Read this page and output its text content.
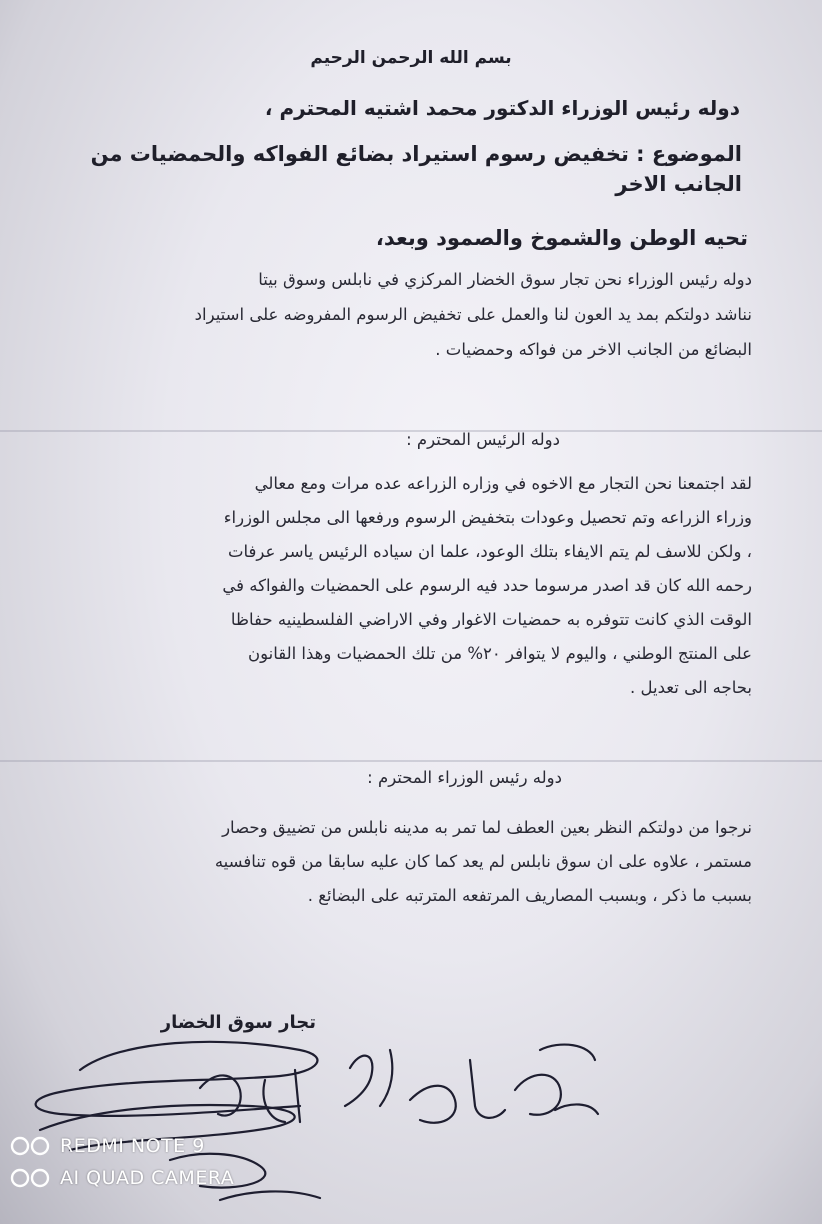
بسم الله الرحمن الرحيم
دوله رئيس الوزراء الدكتور محمد اشتيه المحترم ،
الموضوع : تخفيض رسوم استيراد بضائع الفواكه والحمضيات من
الجانب الاخر
تحيه الوطن والشموخ والصمود وبعد،
دوله رئيس الوزراء نحن تجار سوق الخضار المركزي في نابلس وسوق بيتا
نناشد دولتكم بمد يد العون لنا والعمل على تخفيض الرسوم المفروضه على استيراد
البضائع من الجانب الاخر من فواكه وحمضيات .
دوله الرئيس المحترم :
لقد اجتمعنا نحن التجار مع الاخوه في وزاره الزراعه عده مرات ومع معالي
وزراء الزراعه وتم تحصيل وعودات بتخفيض الرسوم ورفعها الى مجلس الوزراء
، ولكن للاسف لم يتم الايفاء بتلك الوعود، علما ان سياده الرئيس ياسر عرفات
رحمه الله كان قد اصدر مرسوما حدد فيه الرسوم على الحمضيات والفواكه في
الوقت الذي كانت تتوفره به حمضيات الاغوار وفي الاراضي الفلسطينيه حفاظا
على المنتج الوطني ، واليوم لا يتوافر ٢٠% من تلك الحمضيات وهذا القانون
بحاجه الى تعديل .
دوله رئيس الوزراء المحترم :
نرجوا من دولتكم النظر بعين العطف لما تمر به مدينه نابلس من تضييق وحصار
مستمر ، علاوه على ان سوق نابلس لم يعد كما كان عليه سابقا من قوه تنافسيه
بسبب ما ذكر ، وبسبب المصاريف المرتفعه المترتبه على البضائع .
تجار سوق الخضار
REDMI NOTE 9
AI QUAD CAMERA
